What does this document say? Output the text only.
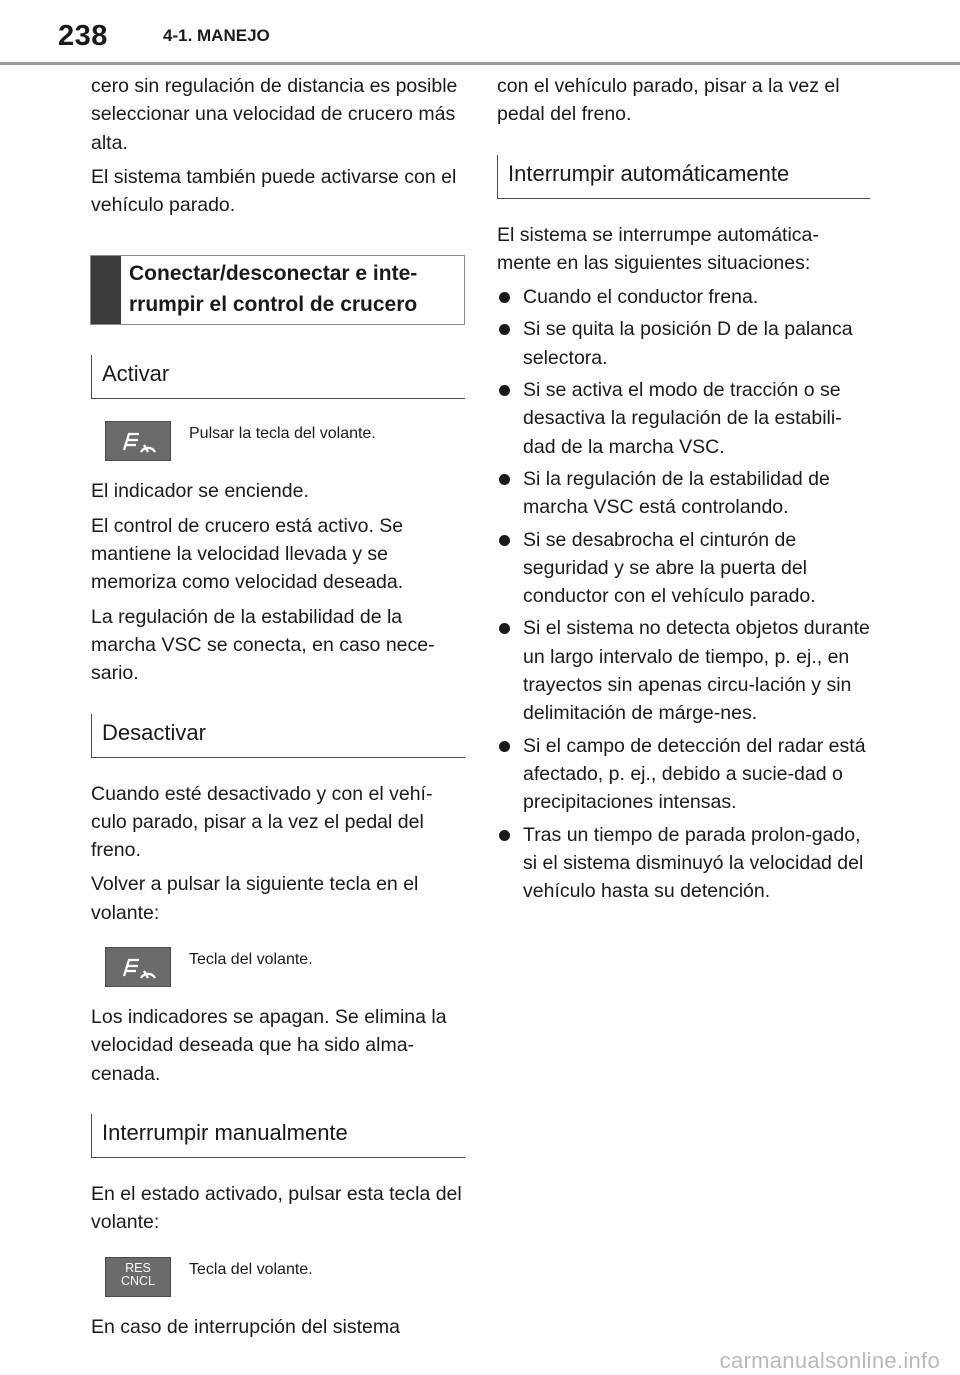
238	4-1. MANEJO

cero sin regulación de distancia es posible seleccionar una velocidad de crucero más alta.

El sistema también puede activarse con el vehículo parado.

Conectar/desconectar e inte-rrumpir el control de crucero
Activar
Pulsar la tecla del volante.

El indicador se enciende.

El control de crucero está activo. Se mantiene la velocidad llevada y se memoriza como velocidad deseada.

La regulación de la estabilidad de la marcha VSC se conecta, en caso nece-sario.

Desactivar

Cuando esté desactivado y con el vehí-culo parado, pisar a la vez el pedal del freno.

Volver a pulsar la siguiente tecla en el volante:

Tecla del volante.

Los indicadores se apagan. Se elimina la velocidad deseada que ha sido alma-cenada.

Interrumpir manualmente

En el estado activado, pulsar esta tecla del volante:

RES
CNCL
Tecla del volante.

En caso de interrupción del sistema

con el vehículo parado, pisar a la vez el pedal del freno.

Interrumpir automáticamente

El sistema se interrumpe automática-mente en las siguientes situaciones:

Cuando el conductor frena.
Si se quita la posición D de la palanca selectora.
Si se activa el modo de tracción o se desactiva la regulación de la estabili-dad de la marcha VSC.
Si la regulación de la estabilidad de marcha VSC está controlando.
Si se desabrocha el cinturón de seguridad y se abre la puerta del conductor con el vehículo parado.
Si el sistema no detecta objetos durante un largo intervalo de tiempo, p. ej., en trayectos sin apenas circu-lación y sin delimitación de márge-nes.
Si el campo de detección del radar está afectado, p. ej., debido a sucie-dad o precipitaciones intensas.
Tras un tiempo de parada prolon-gado, si el sistema disminuyó la velocidad del vehículo hasta su detención.
carmanualsonline.info
